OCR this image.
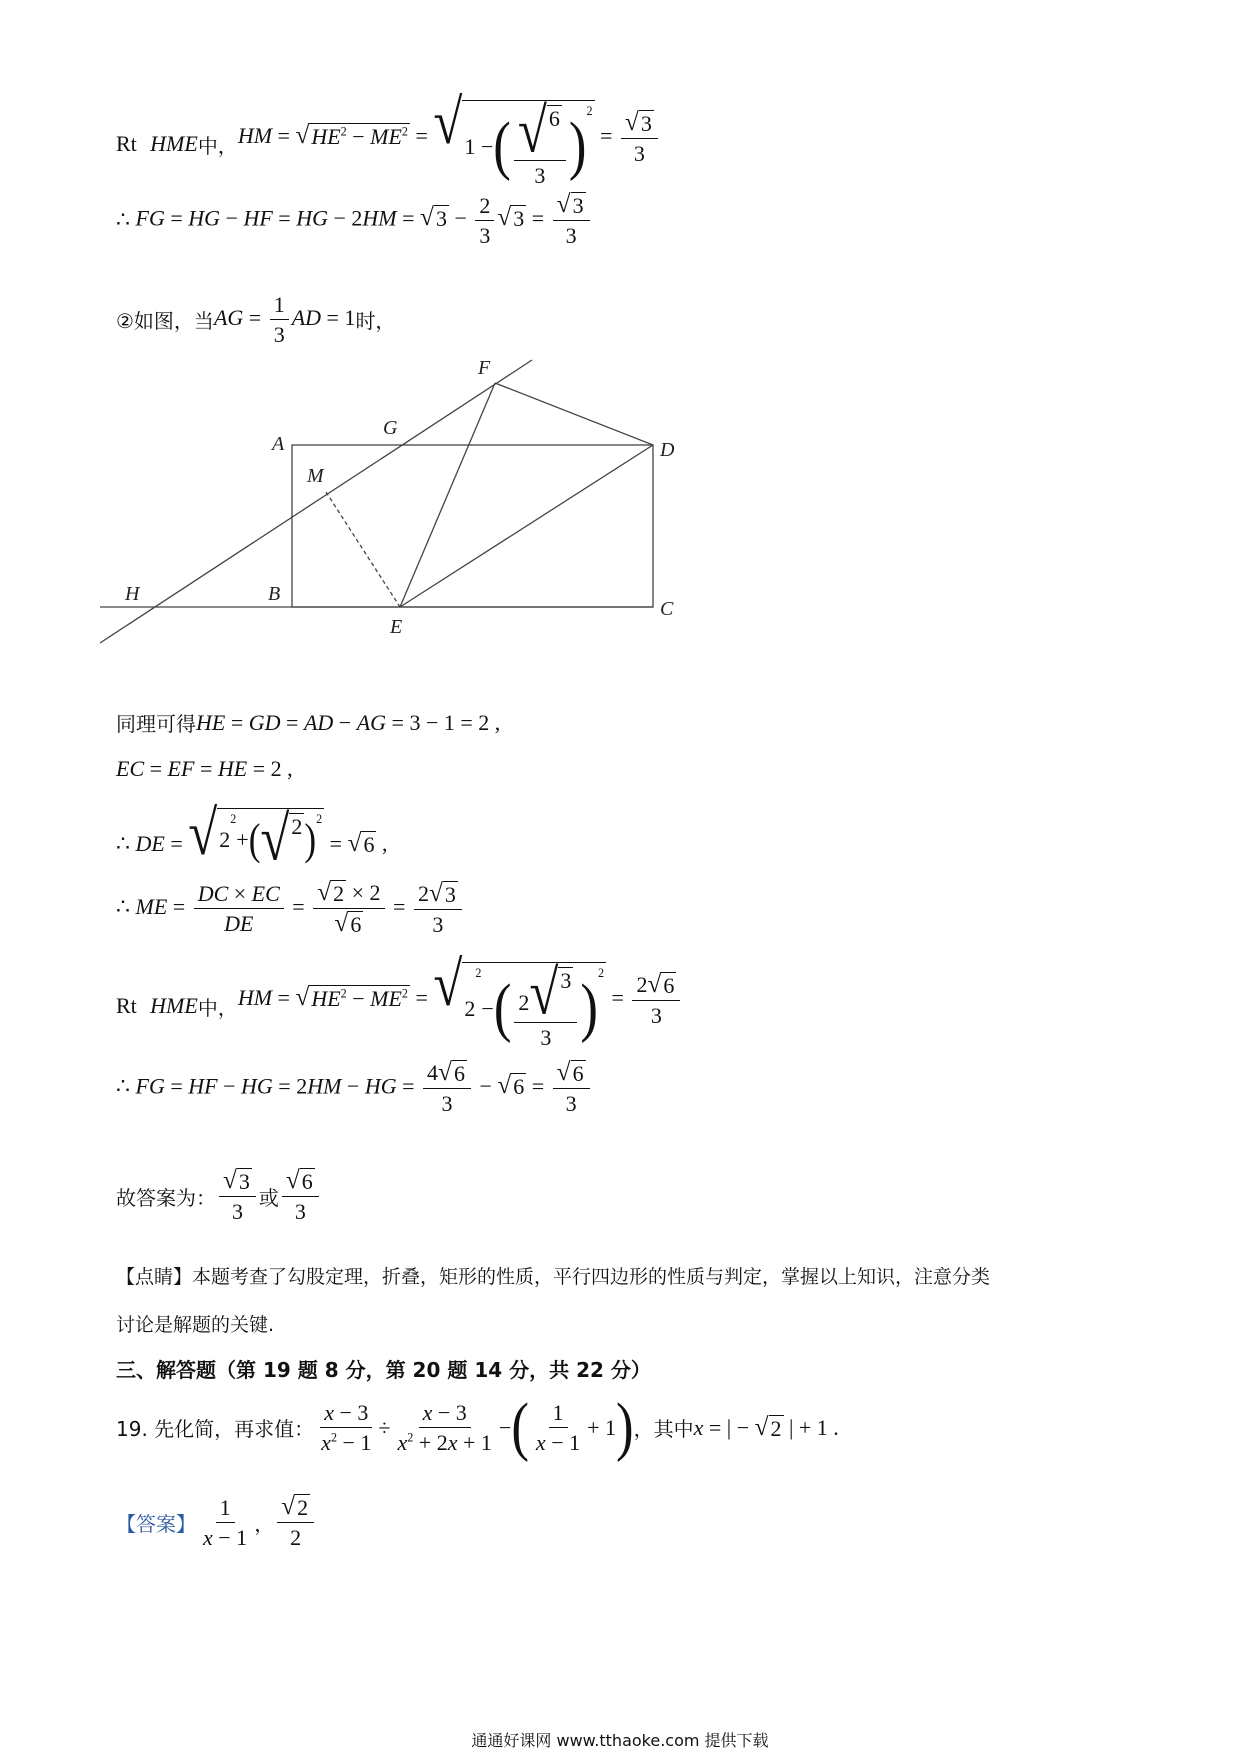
Rt
HME 中， HM = √ $HE^2 - ME^2$ = √ 1 − ( $\frac{√ 6}{3} )^2$
= $\frac{√ 3}{3}$
∴ FG = HG − HF = HG − 2HM = √ $3 - \frac{2}{3}$ √ $3 = \frac{√ 3}{3}$
②如图，当 AG = $\frac{1}{3}$ AD = 1 时，
F
G
A	D
M
H	B
E
C
同理可得 HE = GD = AD − AG = 3 − 1 = 2 ,
EC = EF = HE = 2 ,
∴ DE = √ 2
2
+ ( √ 2 )$^2$
= √ 6 ,
∴ ME = $\frac{DC \times EC}{DE} = \frac{√ 2 \times 2}{√ 6} = \frac{2 √ 3}{3}$
Rt
HME 中， HM = √ $HE^2 - ME^2$ = √ 2
2
− ( $\frac{2 √ 3}{3} )^2$
= $\frac{2 √ 6}{3}$
∴ FG = HF − HG = 2HM − HG = $\frac{4 √ 6}{3}$ − √ $6 = \frac{√ 6}{3}$
故答案为： $\frac{√ 3}{3}$ 或 $\frac{√ 6}{3}$
【点睛】本题考查了勾股定理，折叠，矩形的性质，平行四边形的性质与判定，掌握以上知识，注意分类
讨论是解题的关键.
三、解答题（第 19 题 8 分，第 20 题 14 分，共 22 分）
19. 先化简，再求值： $\frac{x - 3}{x^2 - 1} \div \frac{x - 3}{x^2 + 2x + 1}$ − ( $\frac{1}{x - 1} + 1$ ) ，其中 x = | − √ 2 | + 1 .
【答案】 $\frac{1}{x - 1}$ ， $\frac{√ 2}{2}$
通通好课网 www.tthaoke.com 提供下载
